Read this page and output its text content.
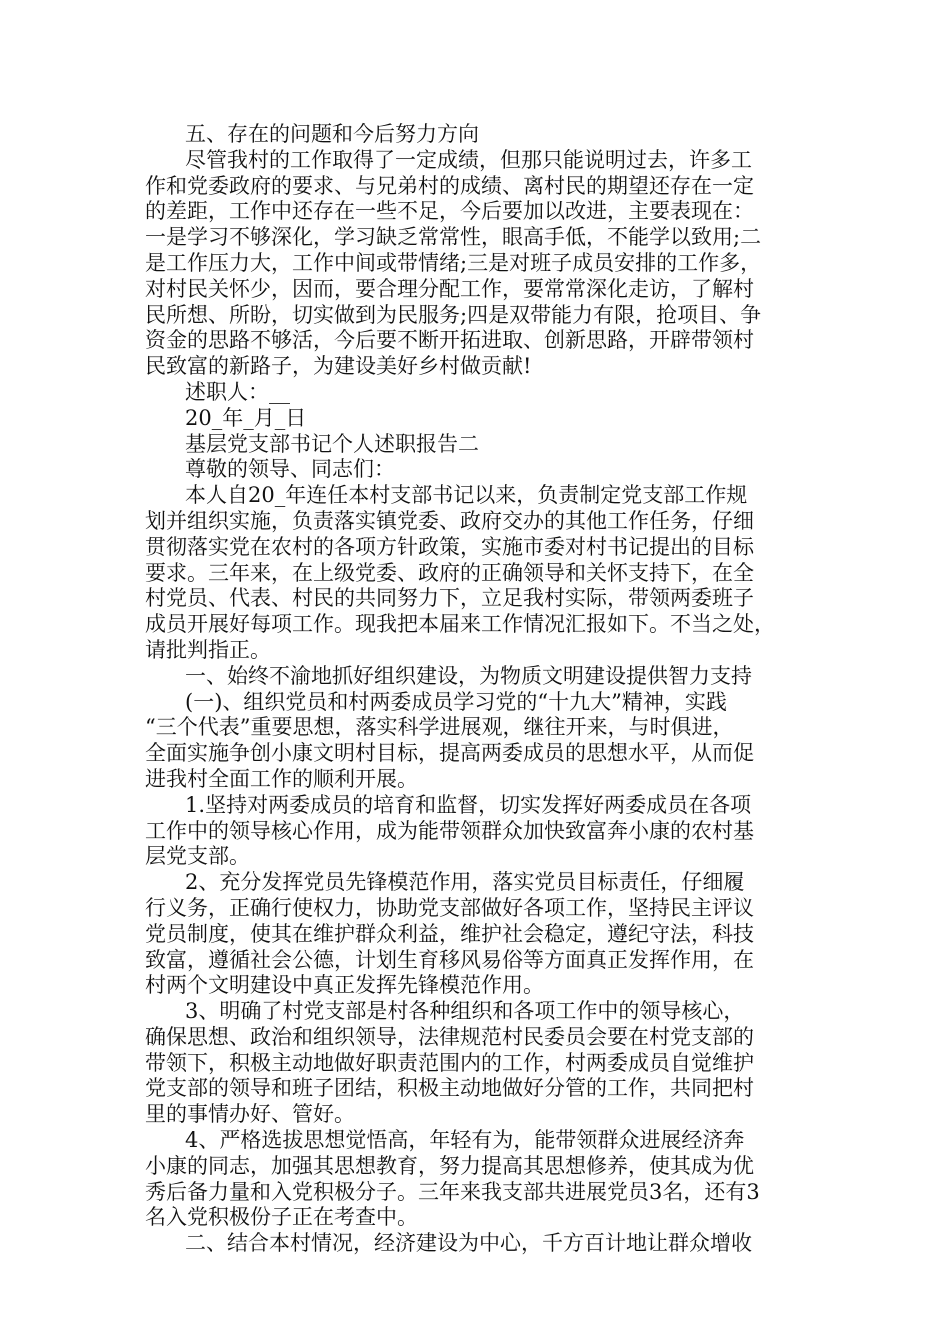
五、存在的问题和今后努力方向
尽管我村的工作取得了一定成绩，但那只能说明过去，许多工
作和党委政府的要求、与兄弟村的成绩、离村民的期望还存在一定
的差距，工作中还存在一些不足，今后要加以改进，主要表现在：
一是学习不够深化，学习缺乏常常性，眼高手低，不能学以致用;二
是工作压力大，工作中间或带情绪;三是对班子成员安排的工作多，
对村民关怀少，因而，要合理分配工作，要常常深化走访，了解村
民所想、所盼，切实做到为民服务;四是双带能力有限，抢项目、争
资金的思路不够活，今后要不断开拓进取、创新思路，开辟带领村
民致富的新路子，为建设美好乡村做贡献!
述职人：__
20_年_月_日
基层党支部书记个人述职报告二
尊敬的领导、同志们：
本人自20_年连任本村支部书记以来，负责制定党支部工作规
划并组织实施，负责落实镇党委、政府交办的其他工作任务，仔细
贯彻落实党在农村的各项方针政策，实施市委对村书记提出的目标
要求。三年来，在上级党委、政府的正确领导和关怀支持下，在全
村党员、代表、村民的共同努力下，立足我村实际，带领两委班子
成员开展好每项工作。现我把本届来工作情况汇报如下。不当之处，
请批判指正。
一、始终不渝地抓好组织建设，为物质文明建设提供智力支持
(一)、组织党员和村两委成员学习党的“十九大”精神，实践
“三个代表”重要思想，落实科学进展观，继往开来，与时俱进，
全面实施争创小康文明村目标，提高两委成员的思想水平，从而促
进我村全面工作的顺利开展。
1.坚持对两委成员的培育和监督，切实发挥好两委成员在各项
工作中的领导核心作用，成为能带领群众加快致富奔小康的农村基
层党支部。
2、充分发挥党员先锋模范作用，落实党员目标责任，仔细履
行义务，正确行使权力，协助党支部做好各项工作，坚持民主评议
党员制度，使其在维护群众利益，维护社会稳定，遵纪守法，科技
致富，遵循社会公德，计划生育移风易俗等方面真正发挥作用，在
村两个文明建设中真正发挥先锋模范作用。
3、明确了村党支部是村各种组织和各项工作中的领导核心，
确保思想、政治和组织领导，法律规范村民委员会要在村党支部的
带领下，积极主动地做好职责范围内的工作，村两委成员自觉维护
党支部的领导和班子团结，积极主动地做好分管的工作，共同把村
里的事情办好、管好。
4、严格选拔思想觉悟高，年轻有为，能带领群众进展经济奔
小康的同志，加强其思想教育，努力提高其思想修养，使其成为优
秀后备力量和入党积极分子。三年来我支部共进展党员3名，还有3
名入党积极份子正在考查中。
二、结合本村情况，经济建设为中心，千方百计地让群众增收
